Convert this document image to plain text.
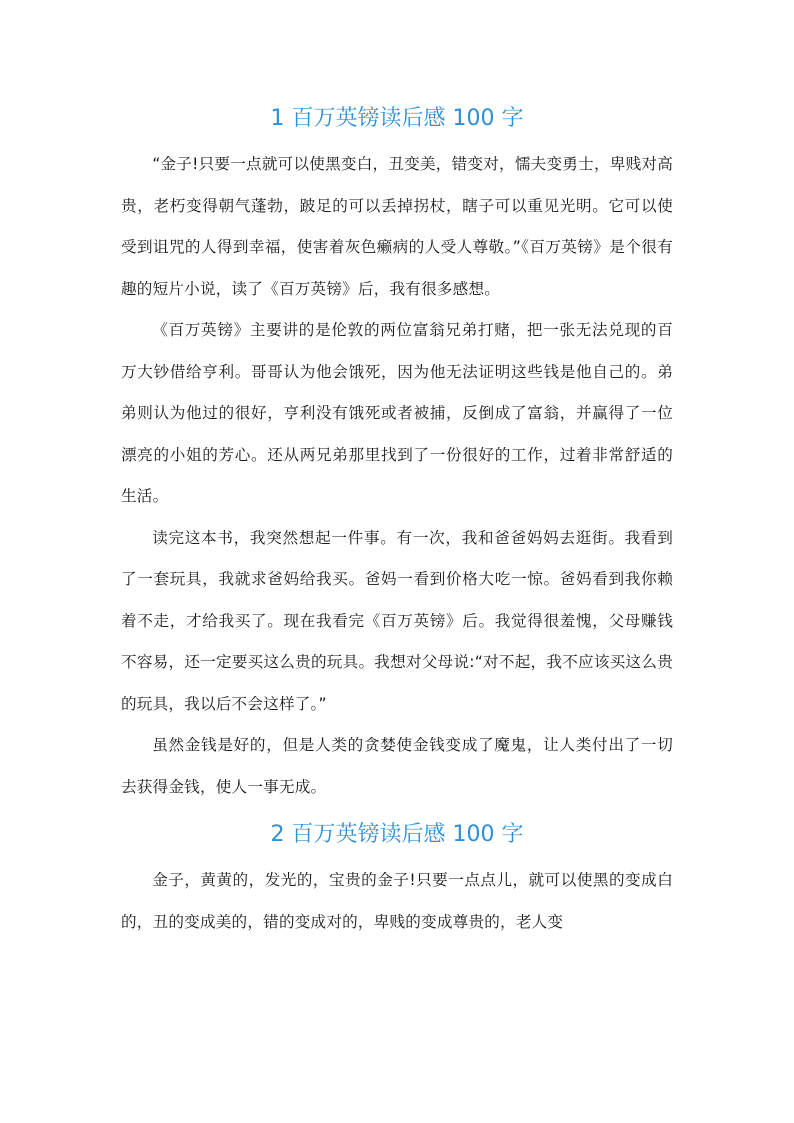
1 百万英镑读后感 100 字

“金子!只要一点就可以使黑变白，丑变美，错变对，懦夫变勇士，卑贱对高贵，老朽变得朝气蓬勃，跛足的可以丢掉拐杖，瞎子可以重见光明。它可以使受到诅咒的人得到幸福，使害着灰色癞病的人受人尊敬。”《百万英镑》是个很有趣的短片小说，读了《百万英镑》后，我有很多感想。

《百万英镑》主要讲的是伦敦的两位富翁兄弟打赌，把一张无法兑现的百万大钞借给亨利。哥哥认为他会饿死，因为他无法证明这些钱是他自己的。弟弟则认为他过的很好，亨利没有饿死或者被捕，反倒成了富翁，并赢得了一位漂亮的小姐的芳心。还从两兄弟那里找到了一份很好的工作，过着非常舒适的生活。

读完这本书，我突然想起一件事。有一次，我和爸爸妈妈去逛街。我看到了一套玩具，我就求爸妈给我买。爸妈一看到价格大吃一惊。爸妈看到我你赖着不走，才给我买了。现在我看完《百万英镑》后。我觉得很羞愧，父母赚钱不容易，还一定要买这么贵的玩具。我想对父母说:“对不起，我不应该买这么贵的玩具，我以后不会这样了。”

虽然金钱是好的，但是人类的贪婪使金钱变成了魔鬼，让人类付出了一切去获得金钱，使人一事无成。

2 百万英镑读后感 100 字

金子，黄黄的，发光的，宝贵的金子!只要一点点儿，就可以使黑的变成白的，丑的变成美的，错的变成对的，卑贱的变成尊贵的，老人变
